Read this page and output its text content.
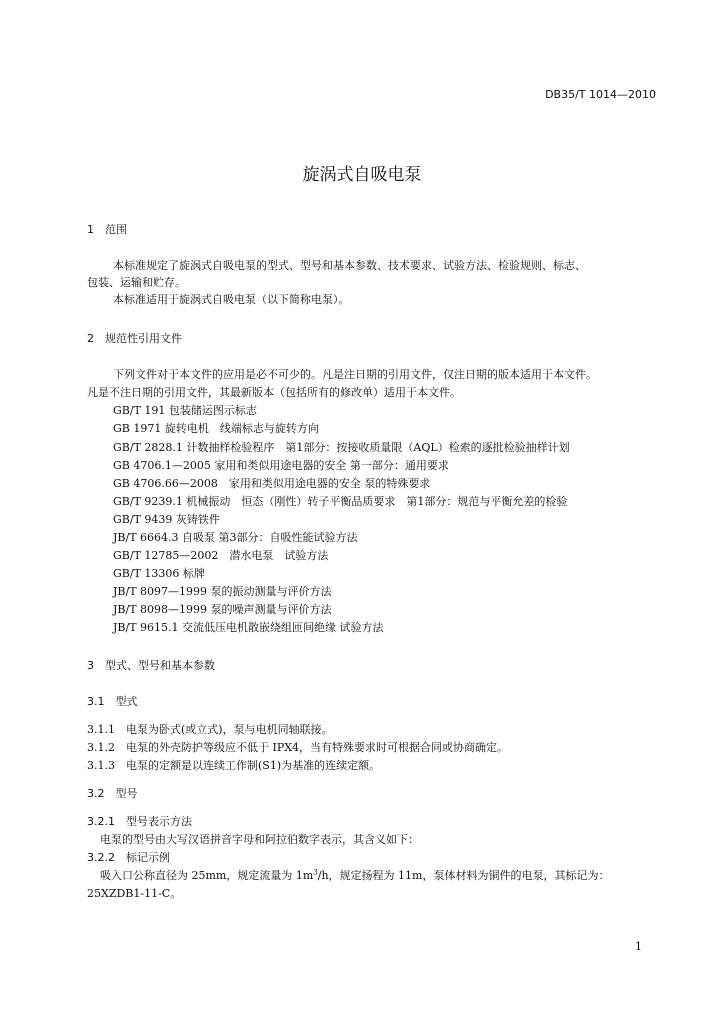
DB35/T 1014—2010
旋涡式自吸电泵
1　范围
本标准规定了旋涡式自吸电泵的型式、型号和基本参数、技术要求、试验方法、检验规则、标志、
包装、运输和贮存。
本标准适用于旋涡式自吸电泵（以下简称电泵）。
2　规范性引用文件
下列文件对于本文件的应用是必不可少的。凡是注日期的引用文件，仅注日期的版本适用于本文件。
凡是不注日期的引用文件，其最新版本（包括所有的修改单）适用于本文件。
GB/T 191 包装储运图示标志
GB 1971 旋转电机　线端标志与旋转方向
GB/T 2828.1 计数抽样检验程序　第1部分：按接收质量限（AQL）检索的逐批检验抽样计划
GB 4706.1—2005 家用和类似用途电器的安全 第一部分：通用要求
GB 4706.66—2008　家用和类似用途电器的安全 泵的特殊要求
GB/T 9239.1 机械振动　恒态（刚性）转子平衡品质要求　第1部分：规范与平衡允差的检验
GB/T 9439 灰铸铁件
JB/T 6664.3 自吸泵 第3部分：自吸性能试验方法
GB/T 12785—2002　潜水电泵　试验方法
GB/T 13306 标牌
JB/T 8097—1999 泵的振动测量与评价方法
JB/T 8098—1999 泵的噪声测量与评价方法
JB/T 9615.1 交流低压电机散嵌绕组匝间绝缘 试验方法
3　型式、型号和基本参数
3.1　型式
3.1.1　电泵为卧式(或立式)，泵与电机同轴联接。
3.1.2　电泵的外壳防护等级应不低于 IPX4，当有特殊要求时可根据合同或协商确定。
3.1.3　电泵的定额是以连续工作制(S1)为基准的连续定额。
3.2　型号
3.2.1　型号表示方法
电泵的型号由大写汉语拼音字母和阿拉伯数字表示，其含义如下：
3.2.2　标记示例
吸入口公称直径为 25mm，规定流量为 $1m^3/h$，规定扬程为 11m，泵体材料为铜件的电泵，其标记为：
25XZDB1-11-C。
1
